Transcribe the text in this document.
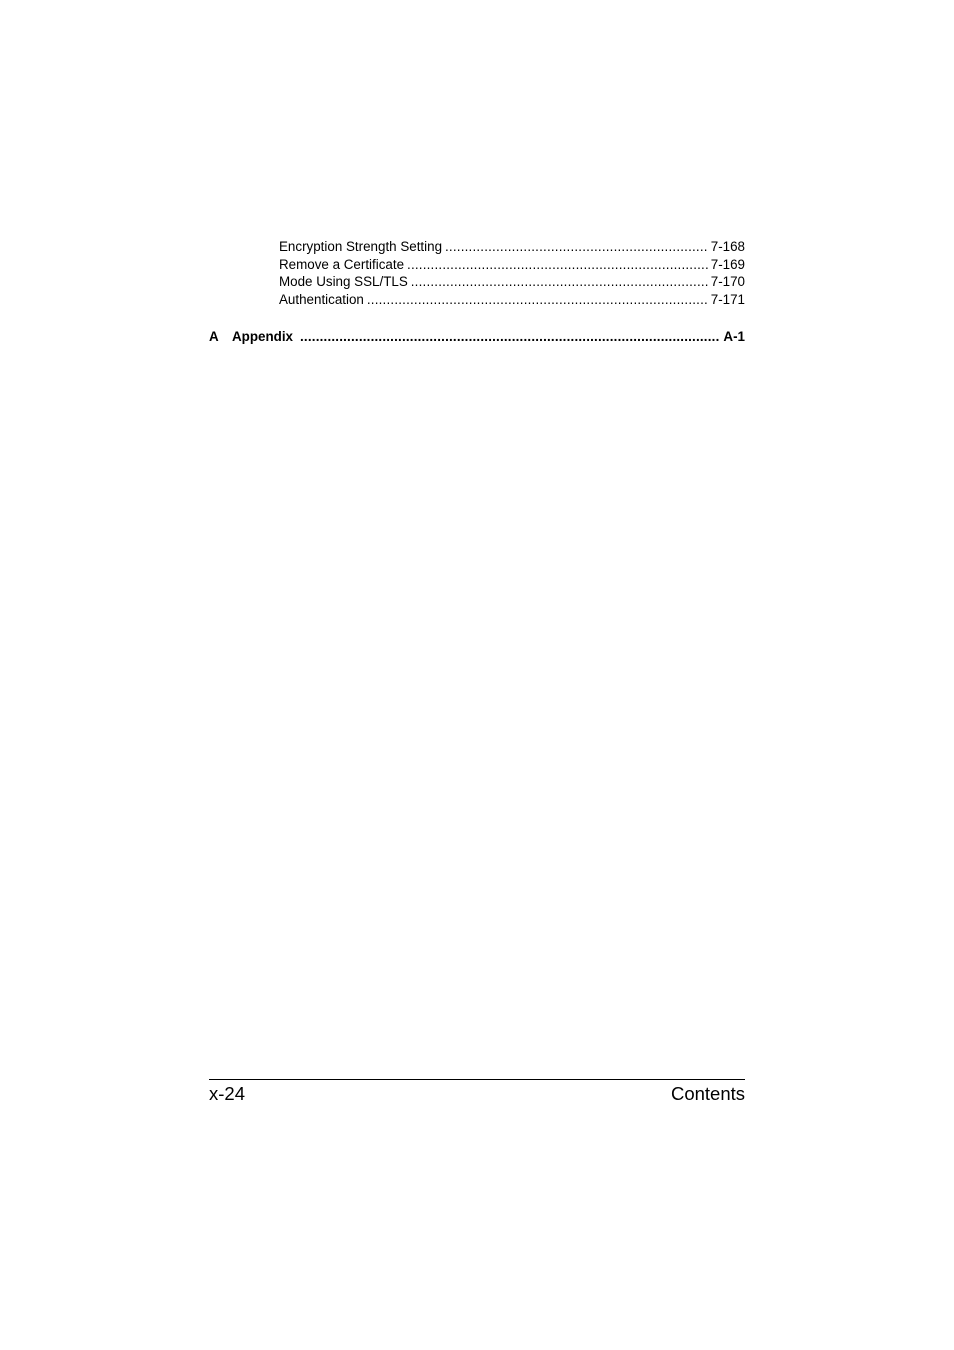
Encryption Strength Setting .....	7-168
Remove a Certificate .....	7-169
Mode Using SSL/TLS .....	7-170
Authentication .....	7-171
A Appendix .....	A-1
x-24	Contents
